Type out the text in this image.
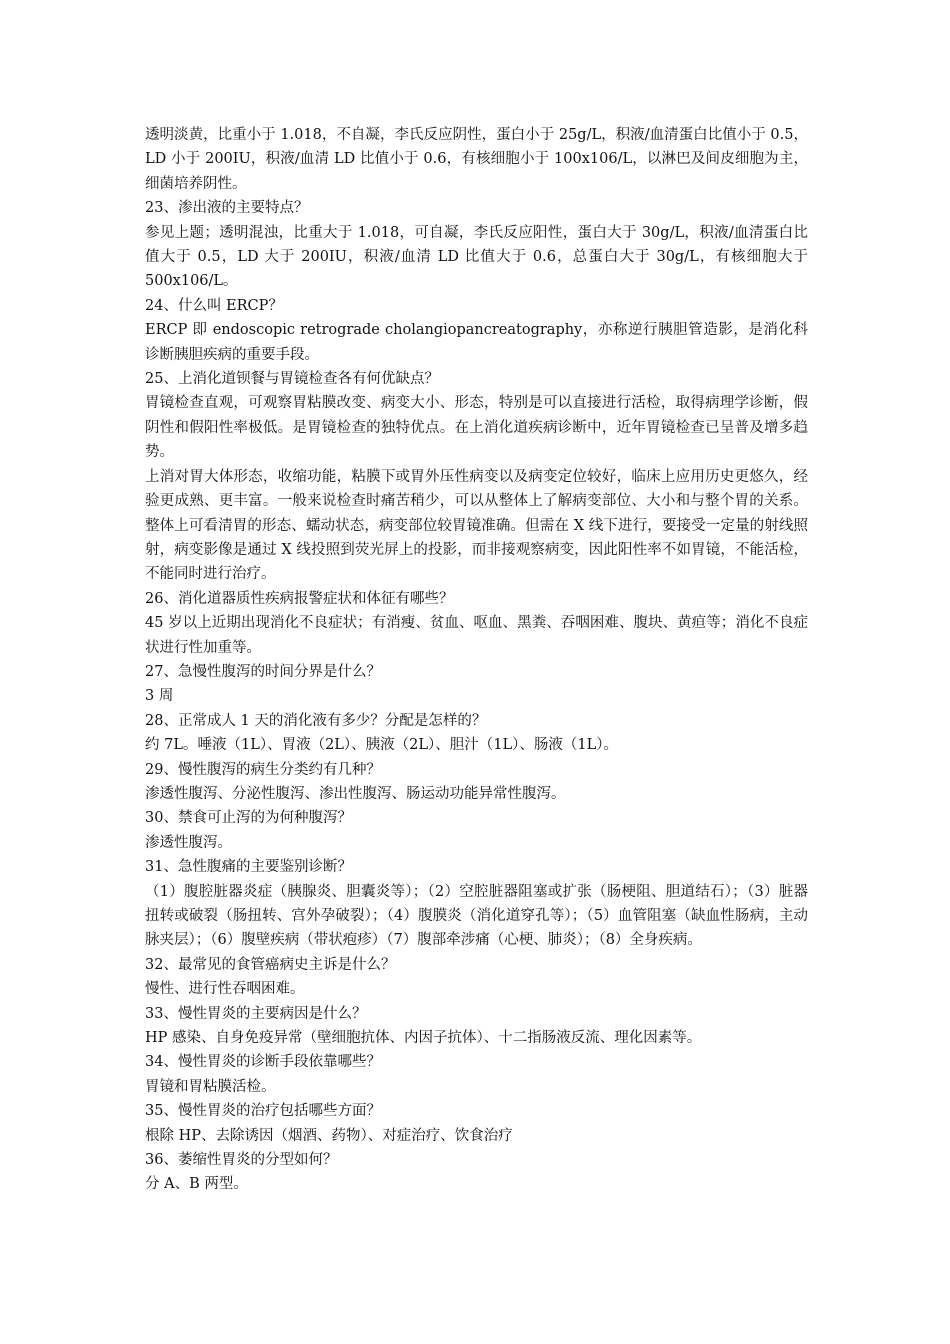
透明淡黄，比重小于 1.018，不自凝，李氏反应阴性，蛋白小于 25g/L，积液/血清蛋白比值小于 0.5，LD 小于 200IU，积液/血清 LD 比值小于 0.6，有核细胞小于 100x106/L，以淋巴及间皮细胞为主，细菌培养阴性。

23、渗出液的主要特点？

参见上题；透明混浊，比重大于 1.018，可自凝，李氏反应阳性，蛋白大于 30g/L，积液/血清蛋白比值大于 0.5，LD 大于 200IU，积液/血清 LD 比值大于 0.6，总蛋白大于 30g/L，有核细胞大于 500x106/L。

24、什么叫 ERCP？

ERCP 即 endoscopic retrograde cholangiopancreatography，亦称逆行胰胆管造影，是消化科诊断胰胆疾病的重要手段。

25、上消化道钡餐与胃镜检查各有何优缺点？

胃镜检查直观，可观察胃粘膜改变、病变大小、形态，特别是可以直接进行活检，取得病理学诊断，假阴性和假阳性率极低。是胃镜检查的独特优点。在上消化道疾病诊断中，近年胃镜检查已呈普及增多趋势。

上消对胃大体形态，收缩功能，粘膜下或胃外压性病变以及病变定位较好，临床上应用历史更悠久，经验更成熟、更丰富。一般来说检查时痛苦稍少，可以从整体上了解病变部位、大小和与整个胃的关系。整体上可看清胃的形态、蠕动状态，病变部位较胃镜准确。但需在 X 线下进行，要接受一定量的射线照射，病变影像是通过 X 线投照到荧光屏上的投影，而非接观察病变，因此阳性率不如胃镜，不能活检，不能同时进行治疗。

26、消化道器质性疾病报警症状和体征有哪些？

45 岁以上近期出现消化不良症状；有消瘦、贫血、呕血、黑粪、吞咽困难、腹块、黄疸等；消化不良症状进行性加重等。

27、急慢性腹泻的时间分界是什么？

3 周

28、正常成人 1 天的消化液有多少？分配是怎样的？

约 7L。唾液（1L）、胃液（2L）、胰液（2L）、胆汁（1L）、肠液（1L）。

29、慢性腹泻的病生分类约有几种？

渗透性腹泻、分泌性腹泻、渗出性腹泻、肠运动功能异常性腹泻。

30、禁食可止泻的为何种腹泻？

渗透性腹泻。

31、急性腹痛的主要鉴别诊断？

（1）腹腔脏器炎症（胰腺炎、胆囊炎等）；（2）空腔脏器阻塞或扩张（肠梗阻、胆道结石）；（3）脏器扭转或破裂（肠扭转、宫外孕破裂）；（4）腹膜炎（消化道穿孔等）；（5）血管阻塞（缺血性肠病，主动脉夹层）；（6）腹壁疾病（带状疱疹）（7）腹部牵涉痛（心梗、肺炎）；（8）全身疾病。

32、最常见的食管癌病史主诉是什么？

慢性、进行性吞咽困难。

33、慢性胃炎的主要病因是什么？

HP 感染、自身免疫异常（壁细胞抗体、内因子抗体）、十二指肠液反流、理化因素等。

34、慢性胃炎的诊断手段依靠哪些？

胃镜和胃粘膜活检。

35、慢性胃炎的治疗包括哪些方面？

根除 HP、去除诱因（烟酒、药物）、对症治疗、饮食治疗

36、萎缩性胃炎的分型如何？

分 A、B 两型。
